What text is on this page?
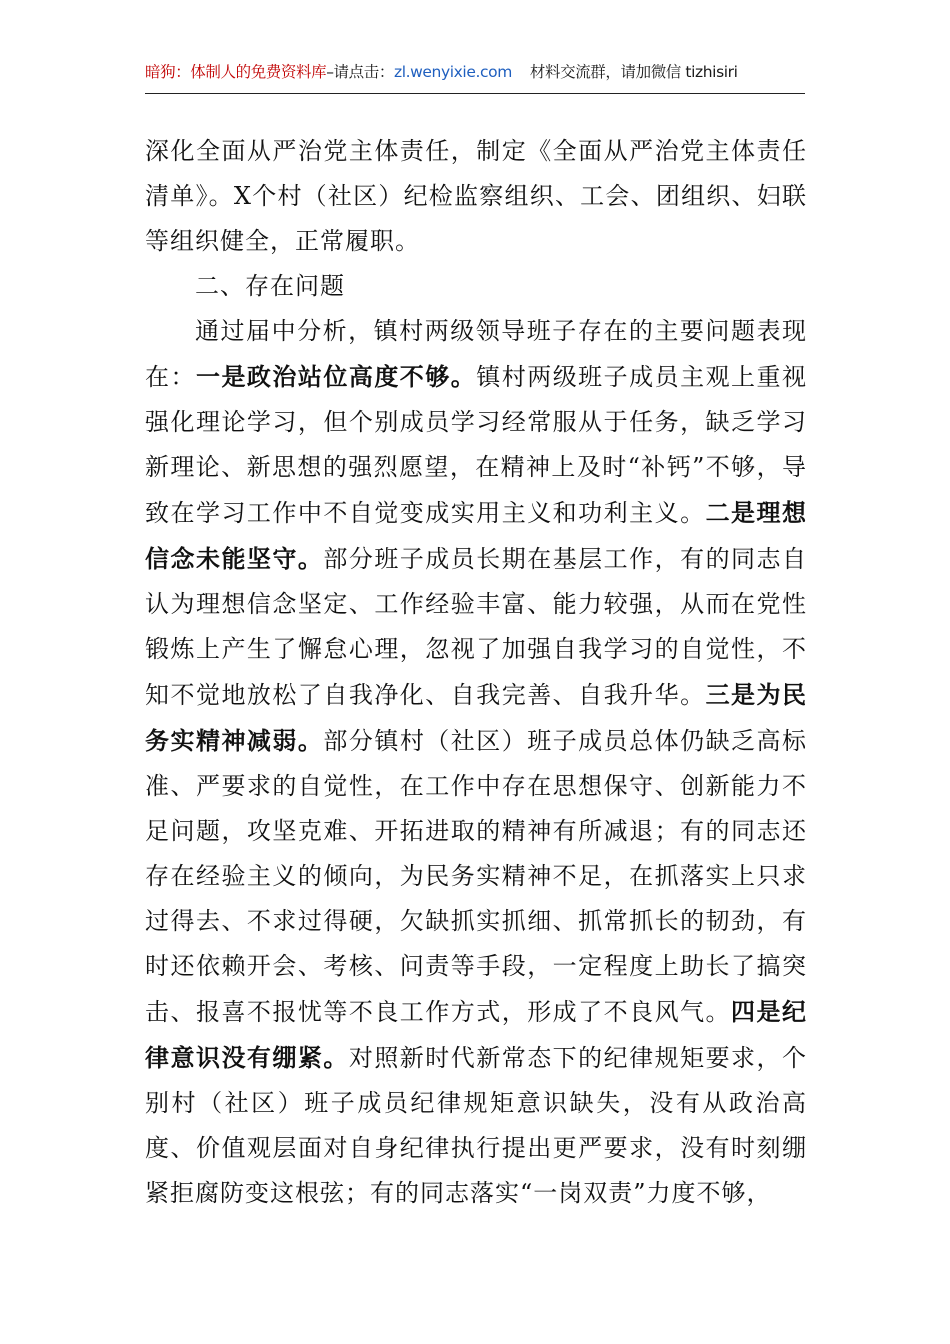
暗狗：体制人的免费资料库 –请点击： zl.wenyixie.com 材料交流群，请加微信 tizhisiri

深化全面从严治党主体责任，制定《全面从严治党主体责任清单》。X个村（社区）纪检监察组织、工会、团组织、妇联等组织健全，正常履职。

二、存在问题

通过届中分析，镇村两级领导班子存在的主要问题表现在：一是政治站位高度不够。镇村两级班子成员主观上重视强化理论学习，但个别成员学习经常服从于任务，缺乏学习新理论、新思想的强烈愿望，在精神上及时“补钙”不够，导致在学习工作中不自觉变成实用主义和功利主义。二是理想信念未能坚守。部分班子成员长期在基层工作，有的同志自认为理想信念坚定、工作经验丰富、能力较强，从而在党性锻炼上产生了懈怠心理，忽视了加强自我学习的自觉性，不知不觉地放松了自我净化、自我完善、自我升华。三是为民务实精神减弱。部分镇村（社区）班子成员总体仍缺乏高标准、严要求的自觉性，在工作中存在思想保守、创新能力不足问题，攻坚克难、开拓进取的精神有所减退；有的同志还存在经验主义的倾向，为民务实精神不足，在抓落实上只求过得去、不求过得硬，欠缺抓实抓细、抓常抓长的韧劲，有时还依赖开会、考核、问责等手段，一定程度上助长了搞突击、报喜不报忧等不良工作方式，形成了不良风气。四是纪律意识没有绷紧。对照新时代新常态下的纪律规矩要求，个别村（社区）班子成员纪律规矩意识缺失，没有从政治高度、价值观层面对自身纪律执行提出更严要求，没有时刻绷紧拒腐防变这根弦；有的同志落实“一岗双责”力度不够，
